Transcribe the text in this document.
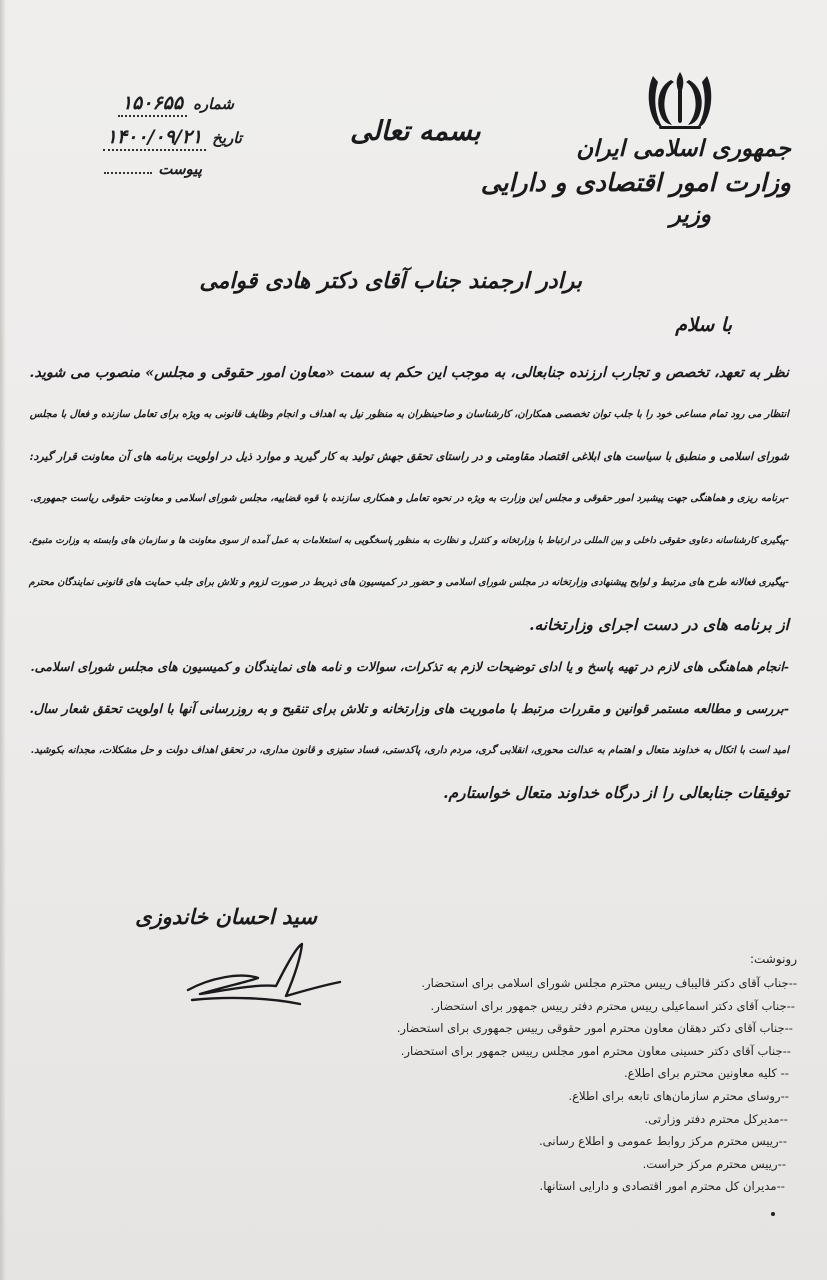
بسمه تعالی
جمهوری اسلامی ایران
وزارت امور اقتصادی و دارایی
وزیر
شماره
۱۵۰۶۵۵
تاریخ
۱۴۰۰/۰۹/۲۱
پیوست
برادر ارجمند جناب آقای دکتر هادی قوامی
با سلام

نظر به تعهد، تخصص و تجارب ارزنده جنابعالی، به موجب این حکم به سمت «معاون امور حقوقی و مجلس» منصوب می شوید.

انتظار می رود تمام مساعی خود را با جلب توان تخصصی همکاران، کارشناسان و صاحبنظران به منظور نیل به اهداف و انجام وظایف قانونی به ویژه برای تعامل سازنده و فعال با مجلس

شورای اسلامی و منطبق با سیاست های ابلاغی اقتصاد مقاومتی و در راستای تحقق جهش تولید به کار گیرید و موارد ذیل در اولویت برنامه های آن معاونت قرار گیرد:

-برنامه ریزی و هماهنگی جهت پیشبرد امور حقوقی و مجلس این وزارت به ویژه در نحوه تعامل و همکاری سازنده با قوه قضاییه، مجلس شورای اسلامی و معاونت حقوقی ریاست جمهوری.

-پیگیری کارشناسانه دعاوی حقوقی داخلی و بین المللی در ارتباط با وزارتخانه و کنترل و نظارت به منظور پاسخگویی به استعلامات به عمل آمده از سوی معاونت ها و سازمان های وابسته به وزارت متبوع.

-پیگیری فعالانه طرح های مرتبط و لوایح پیشنهادی وزارتخانه در مجلس شورای اسلامی و حضور در کمیسیون های ذیربط در صورت لزوم و تلاش برای جلب حمایت های قانونی نمایندگان محترم

از برنامه های در دست اجرای وزارتخانه.

-انجام هماهنگی های لازم در تهیه پاسخ و یا ادای توضیحات لازم به تذکرات، سوالات و نامه های نمایندگان و کمیسیون های مجلس شورای اسلامی.

-بررسی و مطالعه مستمر قوانین و مقررات مرتبط با ماموریت های وزارتخانه و تلاش برای تنقیح و به روزرسانی آنها با اولویت تحقق شعار سال.

امید است با اتکال به خداوند متعال و اهتمام به عدالت محوری، انقلابی گری، مردم داری، پاکدستی، فساد ستیزی و قانون مداری، در تحقق اهداف دولت و حل مشکلات، مجدانه بکوشید.

توفیقات جنابعالی را از درگاه خداوند متعال خواستارم.

سید احسان خاندوزی
رونوشت:
--جناب آقای دکتر قالیباف رییس محترم مجلس شورای اسلامی برای استحضار.
--جناب آقای دکتر اسماعیلی رییس محترم دفتر رییس جمهور برای استحضار.
--جناب آقای دکتر دهقان معاون محترم امور حقوقی رییس جمهوری برای استحضار.
--جناب آقای دکتر حسینی معاون محترم امور مجلس رییس جمهور برای استحضار.
-- کلیه معاونین محترم برای اطلاع.
--روسای محترم سازمان‌های تابعه برای اطلاع.
--مدیرکل محترم دفتر وزارتی.
--رییس محترم مرکز روابط عمومی و اطلاع رسانی.
--رییس محترم مرکز حراست.
--مدیران کل محترم امور اقتصادی و دارایی استانها.
